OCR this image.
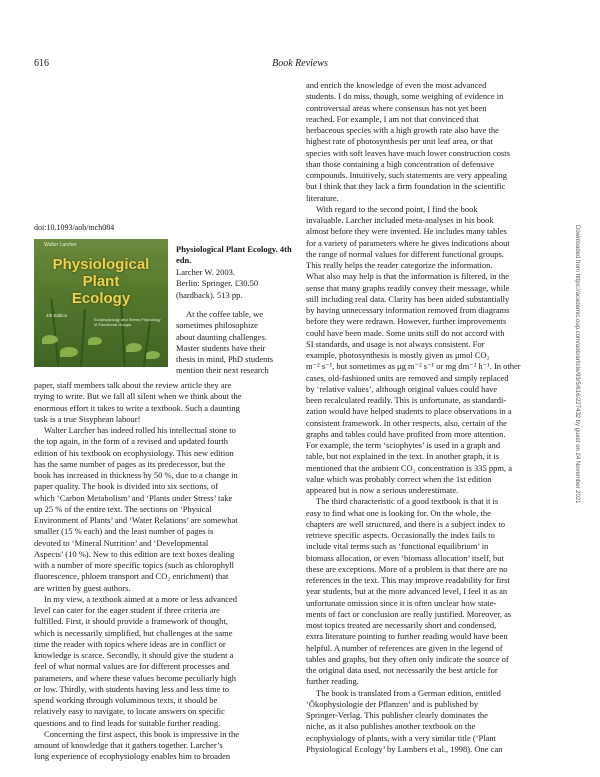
616	Book Reviews
doi:10.1093/aob/mch084
Walter Larcher
Physiological
Plant
Ecology
4th Edition
Ecophysiology and Stress Physiology of Functional Groups
Physiological Plant Ecology. 4th edn.
Larcher W. 2003.
Berlin: Springer. £30.50
(hardback). 513 pp.
At the coffee table, we
sometimes philosophize
about daunting challenges.
Master students have their
thesis in mind, PhD students
mention their next research
paper, staff members talk about the review article they are
trying to write. But we fall all silent when we think about the
enormous effort it takes to write a textbook. Such a daunting
task is a true Sisyphean labour!
Walter Larcher has indeed rolled his intellectual stone to
the top again, in the form of a revised and updated fourth
edition of his textbook on ecophysiology. This new edition
has the same number of pages as its predecessor, but the
book has increased in thickness by 50 %, due to a change in
paper quality. The book is divided into six sections, of
which ‘Carbon Metabolism’ and ‘Plants under Stress’ take
up 25 % of the entire text. The sections on ‘Physical
Environment of Plants’ and ‘Water Relations’ are somewhat
smaller (15 % each) and the least number of pages is
devoted to ‘Mineral Nutrition’ and ‘Developmental
Aspects’ (10 %). New to this edition are text boxes dealing
with a number of more specific topics (such as chlorophyll
fluorescence, phloem transport and CO₂ enrichment) that
are written by guest authors.
In my view, a textbook aimed at a more or less advanced
level can cater for the eager student if three criteria are
fulfilled. First, it should provide a framework of thought,
which is necessarily simplified, but challenges at the same
time the reader with topics where ideas are in conflict or
knowledge is scarce. Secondly, it should give the student a
feel of what normal values are for different processes and
parameters, and where these values become peculiarly high
or low. Thirdly, with students having less and less time to
spend working through voluminous texts, it should be
relatively easy to navigate, to locate answers on specific
questions and to find leads for suitable further reading.
Concerning the first aspect, this book is impressive in the
amount of knowledge that it gathers together. Larcher’s
long experience of ecophysiology enables him to broaden
and enrich the knowledge of even the most advanced
students. I do miss, though, some weighing of evidence in
controversial areas where consensus has not yet been
reached. For example, I am not that convinced that
herbaceous species with a high growth rate also have the
highest rate of photosynthesis per unit leaf area, or that
species with soft leaves have much lower construction costs
than those containing a high concentration of defensive
compounds. Intuitively, such statements are very appealing
but I think that they lack a firm foundation in the scientific
literature.
With regard to the second point, I find the book
invaluable. Larcher included meta-analyses in his book
almost before they were invented. He includes many tables
for a variety of parameters where he gives indications about
the range of normal values for different functional groups.
This really helps the reader categorize the information.
What also may help is that the information is filtered, in the
sense that many graphs readily convey their message, while
still including real data. Clarity has been aided substantially
by having unnecessary information removed from diagrams
before they were redrawn. However, further improvements
could have been made. Some units still do not accord with
SI standards, and usage is not always consistent. For
example, photosynthesis is mostly given as μmol CO₂
m⁻² s⁻¹, but sometimes as μg m⁻² s⁻¹ or mg dm⁻² h⁻¹. In other
cases, old-fashioned units are removed and simply replaced
by ‘relative values’, although original values could have
been recalculated readily. This is unfortunate, as standardi-
zation would have helped students to place observations in a
consistent framework. In other respects, also, certain of the
graphs and tables could have profited from more attention.
For example, the term ‘sciophytes’ is used in a graph and
table, but not explained in the text. In another graph, it is
mentioned that the ambient CO₂ concentration is 335 ppm, a
value which was probably correct when the 1st edition
appeared but is now a serious underestimate.
The third characteristic of a good textbook is that it is
easy to find what one is looking for. On the whole, the
chapters are well structured, and there is a subject index to
retrieve specific aspects. Occasionally the index fails to
include vital terms such as ‘functional equilibrium’ in
biomass allocation, or even ‘biomass allocation’ itself, but
these are exceptions. More of a problem is that there are no
references in the text. This may improve readability for first
year students, but at the more advanced level, I feel it as an
unfortunate omission since it is often unclear how state-
ments of fact or conclusion are really justified. Moreover, as
most topics treated are necessarily short and condensed,
extra literature pointing to further reading would have been
helpful. A number of references are given in the legend of
tables and graphs, but they often only indicate the source of
the original data used, not necessarily the best article for
further reading.
The book is translated from a German edition, entitled
‘Ökophysiologie der Pflanzen’ and is published by
Springer-Verlag. This publisher clearly dominates the
niche, as it also publishes another textbook on the
ecophysiology of plants, with a very similar title (‘Plant
Physiological Ecology’ by Lambers et al., 1998). One can
Downloaded from https://academic.oup.com/aob/article/93/5/616/227432 by guest on 24 November 2021
